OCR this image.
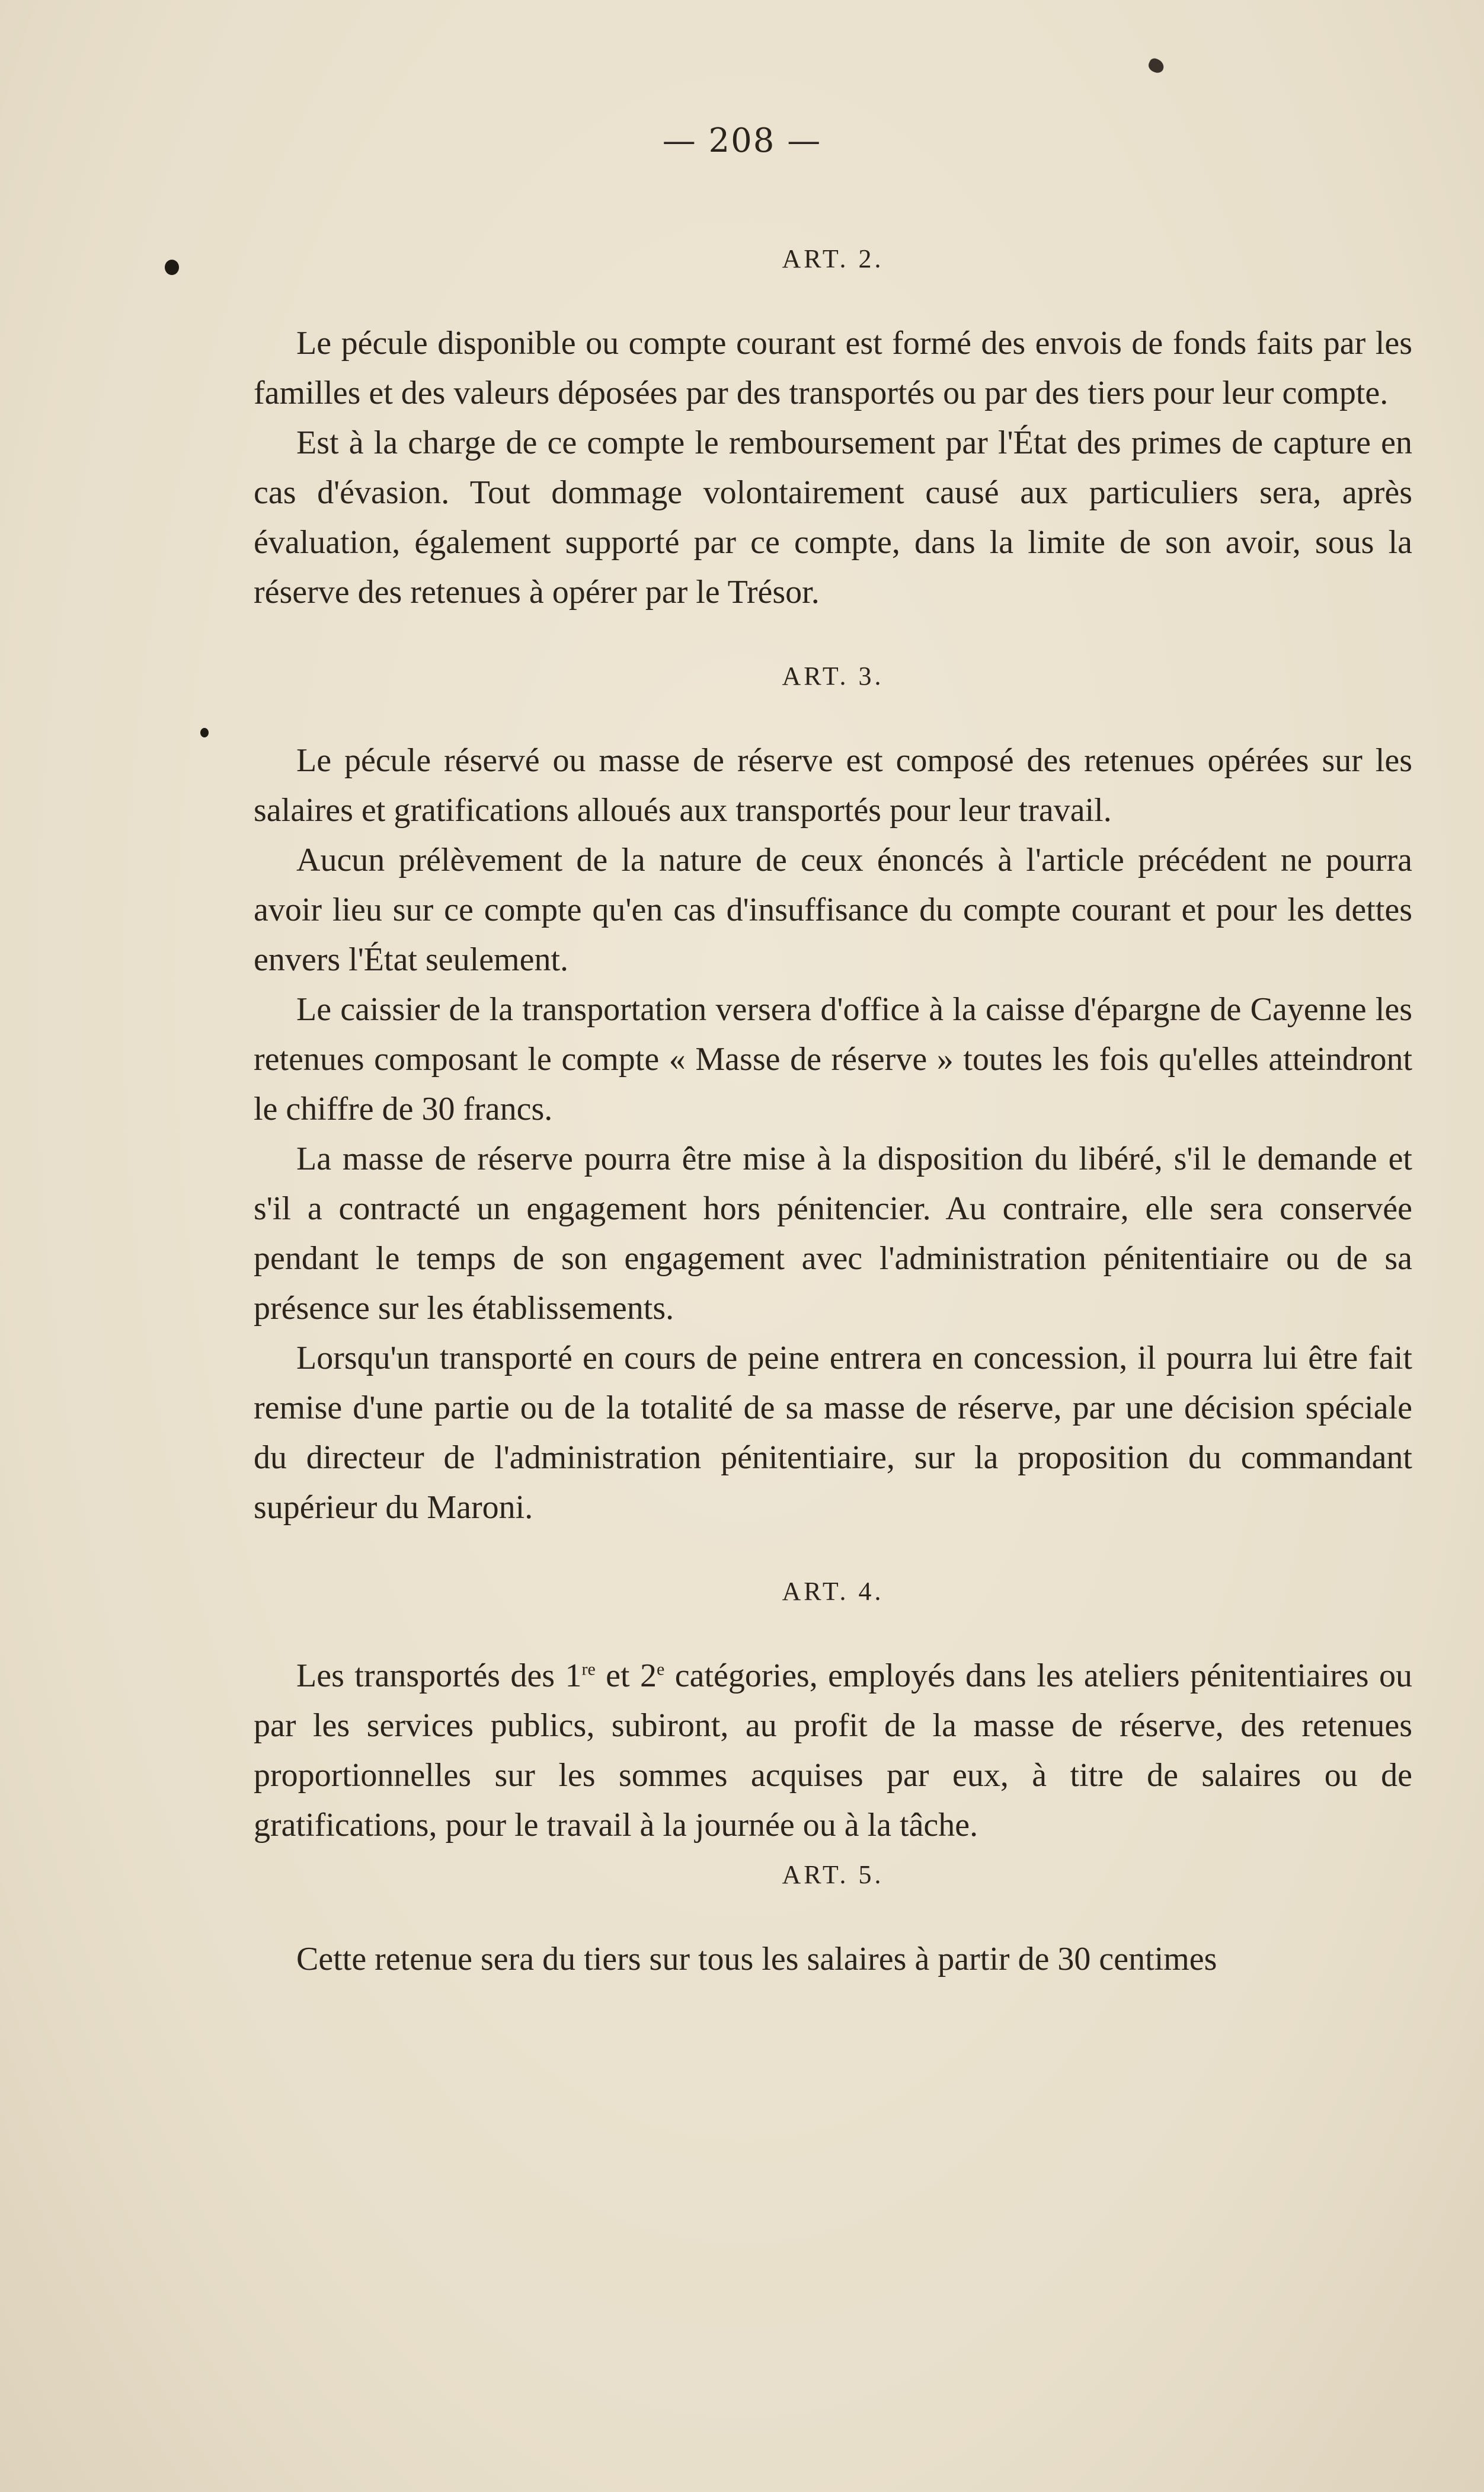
— 208 —
ART. 2.

Le pécule disponible ou compte courant est formé des envois de fonds faits par les familles et des valeurs déposées par des transportés ou par des tiers pour leur compte.

Est à la charge de ce compte le remboursement par l'État des primes de capture en cas d'évasion. Tout dommage volontairement causé aux particuliers sera, après évaluation, également supporté par ce compte, dans la limite de son avoir, sous la réserve des retenues à opérer par le Trésor.

ART. 3.

Le pécule réservé ou masse de réserve est composé des retenues opérées sur les salaires et gratifications alloués aux transportés pour leur travail.

Aucun prélèvement de la nature de ceux énoncés à l'article précédent ne pourra avoir lieu sur ce compte qu'en cas d'insuffisance du compte courant et pour les dettes envers l'État seulement.

Le caissier de la transportation versera d'office à la caisse d'épargne de Cayenne les retenues composant le compte « Masse de réserve » toutes les fois qu'elles atteindront le chiffre de 30 francs.

La masse de réserve pourra être mise à la disposition du libéré, s'il le demande et s'il a contracté un engagement hors pénitencier. Au contraire, elle sera conservée pendant le temps de son engagement avec l'administration pénitentiaire ou de sa présence sur les établissements.

Lorsqu'un transporté en cours de peine entrera en concession, il pourra lui être fait remise d'une partie ou de la totalité de sa masse de réserve, par une décision spéciale du directeur de l'administration pénitentiaire, sur la proposition du commandant supérieur du Maroni.

ART. 4.

Les transportés des 1re et 2e catégories, employés dans les ateliers pénitentiaires ou par les services publics, subiront, au profit de la masse de réserve, des retenues proportionnelles sur les sommes acquises par eux, à titre de salaires ou de gratifications, pour le travail à la journée ou à la tâche.

ART. 5.

Cette retenue sera du tiers sur tous les salaires à partir de 30 centimes
